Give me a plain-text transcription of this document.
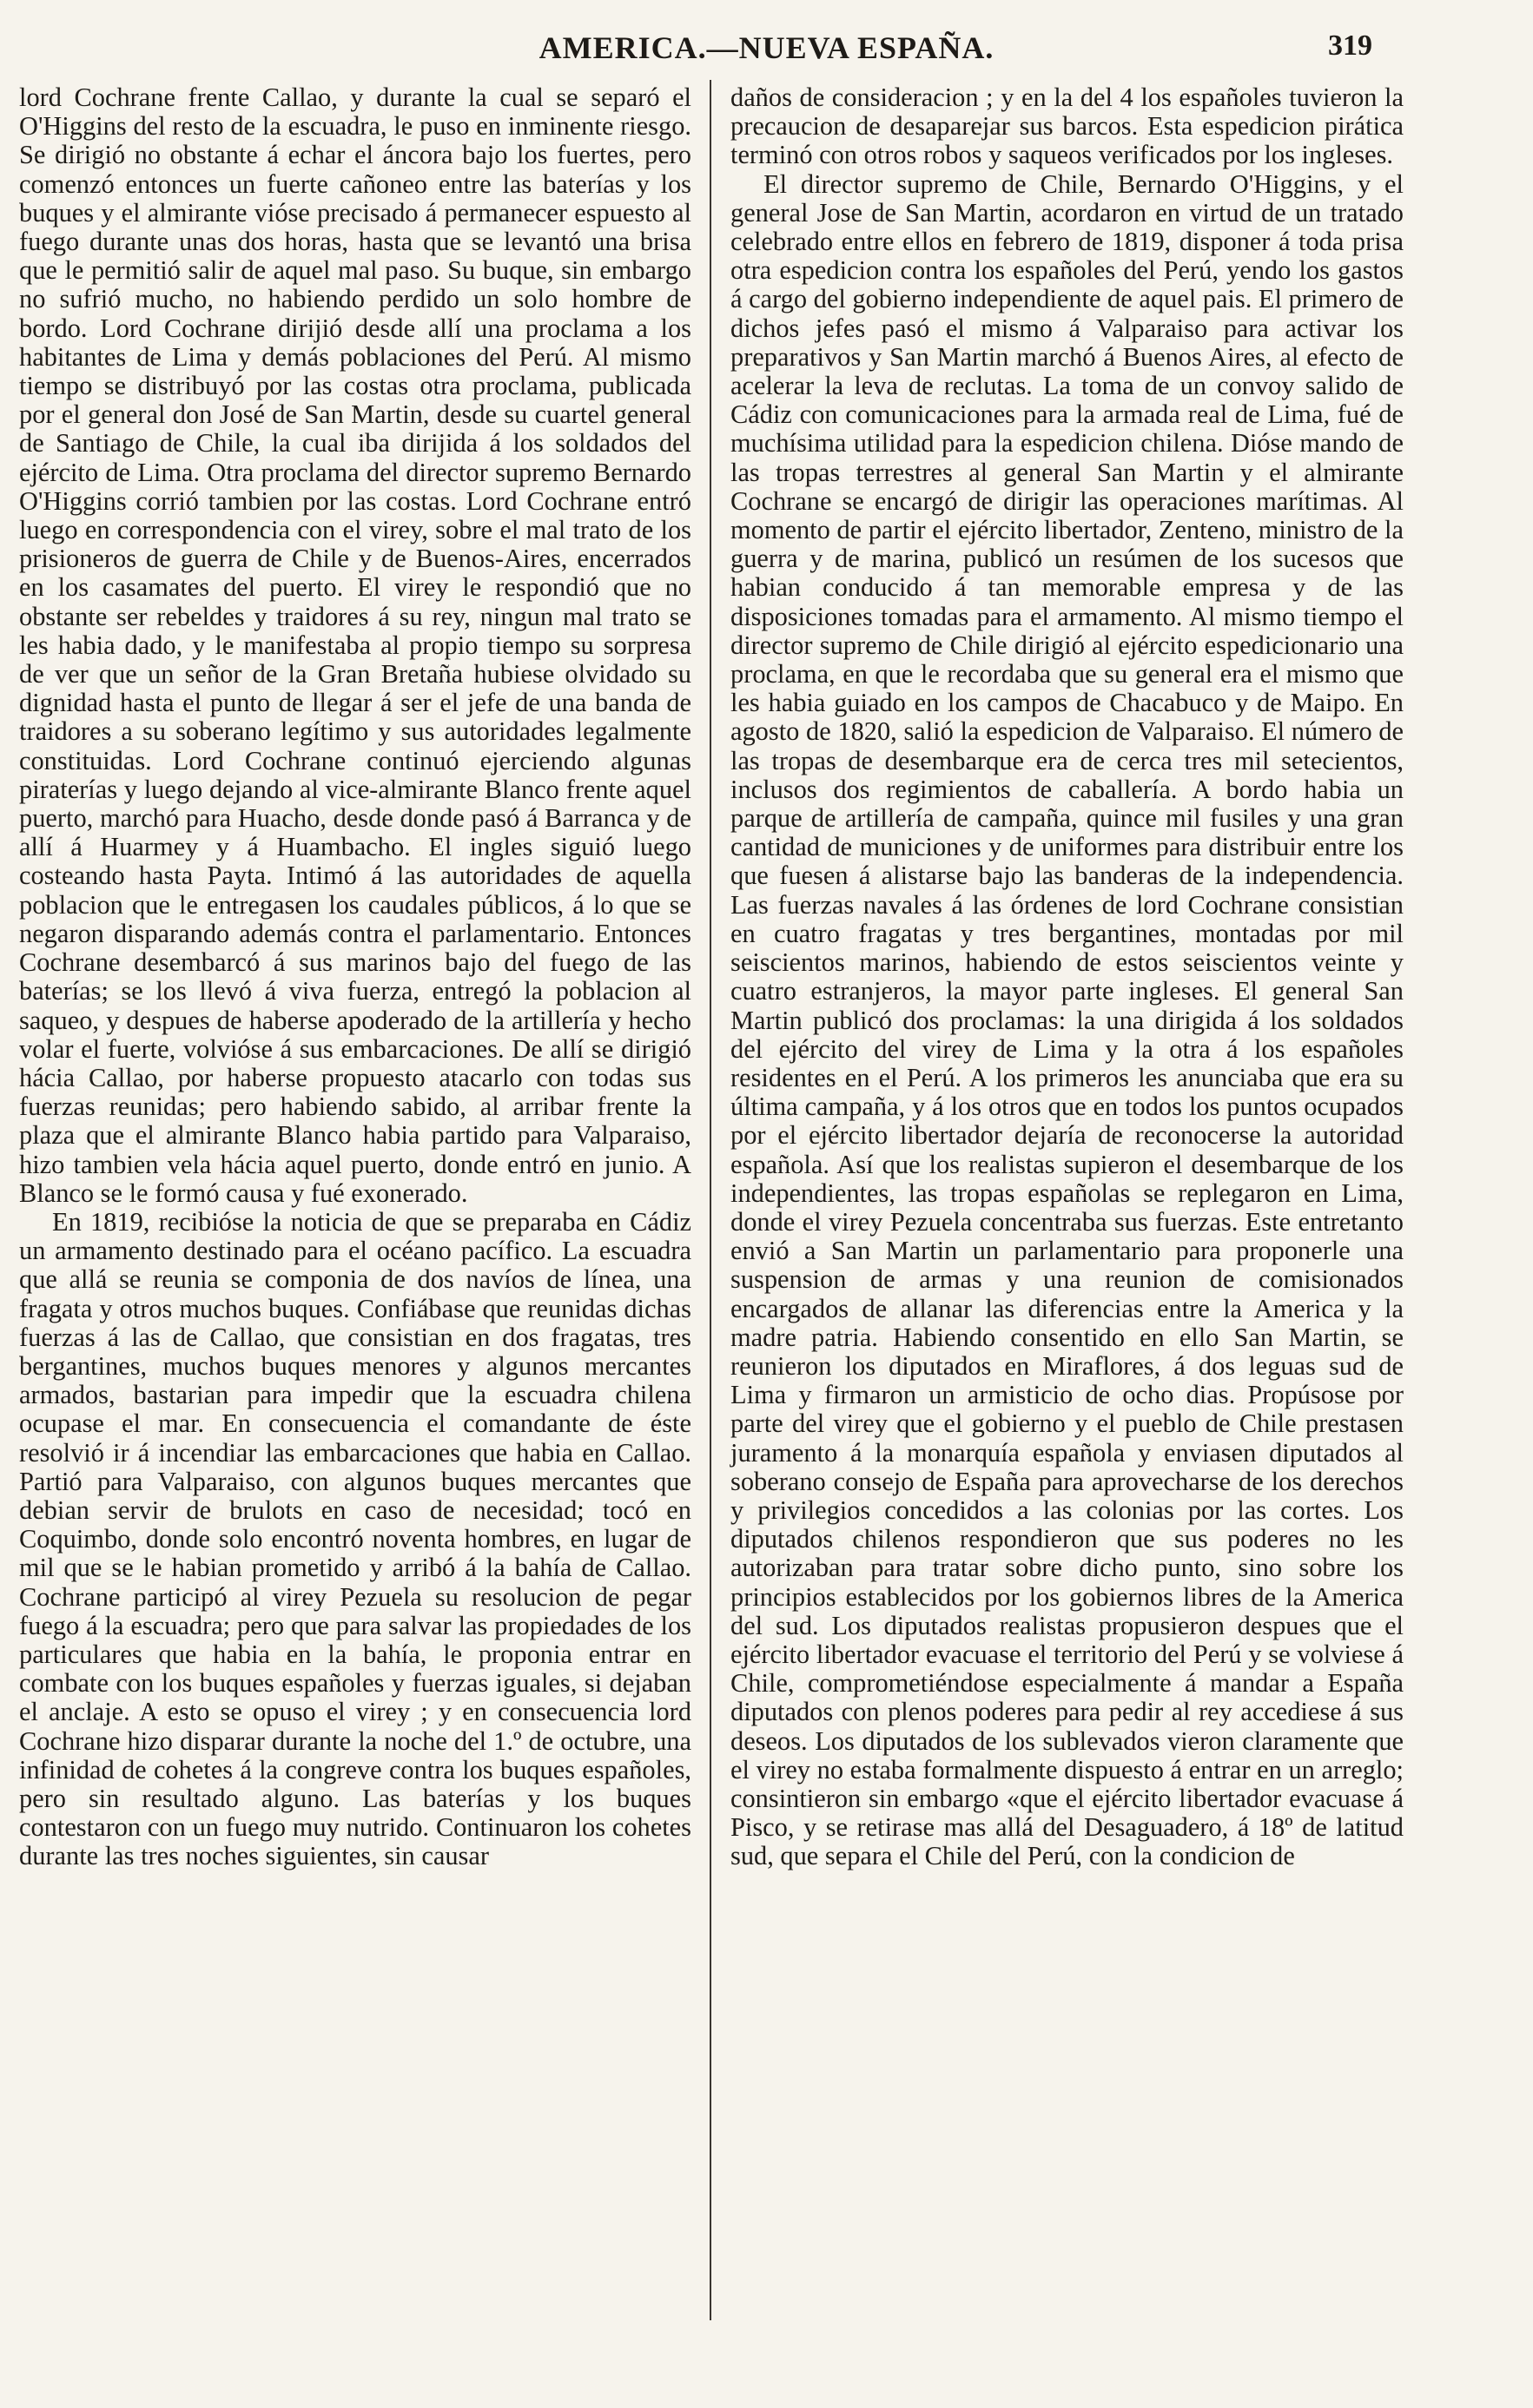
AMERICA.—NUEVA ESPAÑA.	319

lord Cochrane frente Callao, y durante la cual se separó el O'Higgins del resto de la escuadra, le puso en inminente riesgo. Se dirigió no obstante á echar el áncora bajo los fuertes, pero comenzó entonces un fuerte cañoneo entre las baterías y los buques y el almirante vióse precisado á permanecer espuesto al fuego durante unas dos horas, hasta que se levantó una brisa que le permitió salir de aquel mal paso. Su buque, sin embargo no sufrió mucho, no habiendo perdido un solo hombre de bordo. Lord Cochrane dirijió desde allí una proclama a los habitantes de Lima y demás poblaciones del Perú. Al mismo tiempo se distribuyó por las costas otra proclama, publicada por el general don José de San Martin, desde su cuartel general de Santiago de Chile, la cual iba dirijida á los soldados del ejército de Lima. Otra proclama del director supremo Bernardo O'Higgins corrió tambien por las costas. Lord Cochrane entró luego en correspondencia con el virey, sobre el mal trato de los prisioneros de guerra de Chile y de Buenos-Aires, encerrados en los casamates del puerto. El virey le respondió que no obstante ser rebeldes y traidores á su rey, ningun mal trato se les habia dado, y le manifestaba al propio tiempo su sorpresa de ver que un señor de la Gran Bretaña hubiese olvidado su dignidad hasta el punto de llegar á ser el jefe de una banda de traidores a su soberano legítimo y sus autoridades legalmente constituidas. Lord Cochrane continuó ejerciendo algunas piraterías y luego dejando al vice-almirante Blanco frente aquel puerto, marchó para Huacho, desde donde pasó á Barranca y de allí á Huarmey y á Huambacho. El ingles siguió luego costeando hasta Payta. Intimó á las autoridades de aquella poblacion que le entregasen los caudales públicos, á lo que se negaron disparando además contra el parlamentario. Entonces Cochrane desembarcó á sus marinos bajo del fuego de las baterías; se los llevó á viva fuerza, entregó la poblacion al saqueo, y despues de haberse apoderado de la artillería y hecho volar el fuerte, volvióse á sus embarcaciones. De allí se dirigió hácia Callao, por haberse propuesto atacarlo con todas sus fuerzas reunidas; pero habiendo sabido, al arribar frente la plaza que el almirante Blanco habia partido para Valparaiso, hizo tambien vela hácia aquel puerto, donde entró en junio. A Blanco se le formó causa y fué exonerado.

En 1819, recibióse la noticia de que se preparaba en Cádiz un armamento destinado para el océano pacífico. La escuadra que allá se reunia se componia de dos navíos de línea, una fragata y otros muchos buques. Confiábase que reunidas dichas fuerzas á las de Callao, que consistian en dos fragatas, tres bergantines, muchos buques menores y algunos mercantes armados, bastarian para impedir que la escuadra chilena ocupase el mar. En consecuencia el comandante de éste resolvió ir á incendiar las embarcaciones que habia en Callao. Partió para Valparaiso, con algunos buques mercantes que debian servir de brulots en caso de necesidad; tocó en Coquimbo, donde solo encontró noventa hombres, en lugar de mil que se le habian prometido y arribó á la bahía de Callao. Cochrane participó al virey Pezuela su resolucion de pegar fuego á la escuadra; pero que para salvar las propiedades de los particulares que habia en la bahía, le proponia entrar en combate con los buques españoles y fuerzas iguales, si dejaban el anclaje. A esto se opuso el virey ; y en consecuencia lord Cochrane hizo disparar durante la noche del 1.º de octubre, una infinidad de cohetes á la congreve contra los buques españoles, pero sin resultado alguno. Las baterías y los buques contestaron con un fuego muy nutrido. Continuaron los cohetes durante las tres noches siguientes, sin causar

daños de consideracion ; y en la del 4 los españoles tuvieron la precaucion de desaparejar sus barcos. Esta espedicion pirática terminó con otros robos y saqueos verificados por los ingleses.

El director supremo de Chile, Bernardo O'Higgins, y el general Jose de San Martin, acordaron en virtud de un tratado celebrado entre ellos en febrero de 1819, disponer á toda prisa otra espedicion contra los españoles del Perú, yendo los gastos á cargo del gobierno independiente de aquel pais. El primero de dichos jefes pasó el mismo á Valparaiso para activar los preparativos y San Martin marchó á Buenos Aires, al efecto de acelerar la leva de reclutas. La toma de un convoy salido de Cádiz con comunicaciones para la armada real de Lima, fué de muchísima utilidad para la espedicion chilena. Dióse mando de las tropas terrestres al general San Martin y el almirante Cochrane se encargó de dirigir las operaciones marítimas. Al momento de partir el ejército libertador, Zenteno, ministro de la guerra y de marina, publicó un resúmen de los sucesos que habian conducido á tan memorable empresa y de las disposiciones tomadas para el armamento. Al mismo tiempo el director supremo de Chile dirigió al ejército espedicionario una proclama, en que le recordaba que su general era el mismo que les habia guiado en los campos de Chacabuco y de Maipo. En agosto de 1820, salió la espedicion de Valparaiso. El número de las tropas de desembarque era de cerca tres mil setecientos, inclusos dos regimientos de caballería. A bordo habia un parque de artillería de campaña, quince mil fusiles y una gran cantidad de municiones y de uniformes para distribuir entre los que fuesen á alistarse bajo las banderas de la independencia. Las fuerzas navales á las órdenes de lord Cochrane consistian en cuatro fragatas y tres bergantines, montadas por mil seiscientos marinos, habiendo de estos seiscientos veinte y cuatro estranjeros, la mayor parte ingleses. El general San Martin publicó dos proclamas: la una dirigida á los soldados del ejército del virey de Lima y la otra á los españoles residentes en el Perú. A los primeros les anunciaba que era su última campaña, y á los otros que en todos los puntos ocupados por el ejército libertador dejaría de reconocerse la autoridad española. Así que los realistas supieron el desembarque de los independientes, las tropas españolas se replegaron en Lima, donde el virey Pezuela concentraba sus fuerzas. Este entretanto envió a San Martin un parlamentario para proponerle una suspension de armas y una reunion de comisionados encargados de allanar las diferencias entre la America y la madre patria. Habiendo consentido en ello San Martin, se reunieron los diputados en Miraflores, á dos leguas sud de Lima y firmaron un armisticio de ocho dias. Propúsose por parte del virey que el gobierno y el pueblo de Chile prestasen juramento á la monarquía española y enviasen diputados al soberano consejo de España para aprovecharse de los derechos y privilegios concedidos a las colonias por las cortes. Los diputados chilenos respondieron que sus poderes no les autorizaban para tratar sobre dicho punto, sino sobre los principios establecidos por los gobiernos libres de la America del sud. Los diputados realistas propusieron despues que el ejército libertador evacuase el territorio del Perú y se volviese á Chile, comprometiéndose especialmente á mandar a España diputados con plenos poderes para pedir al rey accediese á sus deseos. Los diputados de los sublevados vieron claramente que el virey no estaba formalmente dispuesto á entrar en un arreglo; consintieron sin embargo «que el ejército libertador evacuase á Pisco, y se retirase mas allá del Desaguadero, á 18º de latitud sud, que separa el Chile del Perú, con la condicion de
